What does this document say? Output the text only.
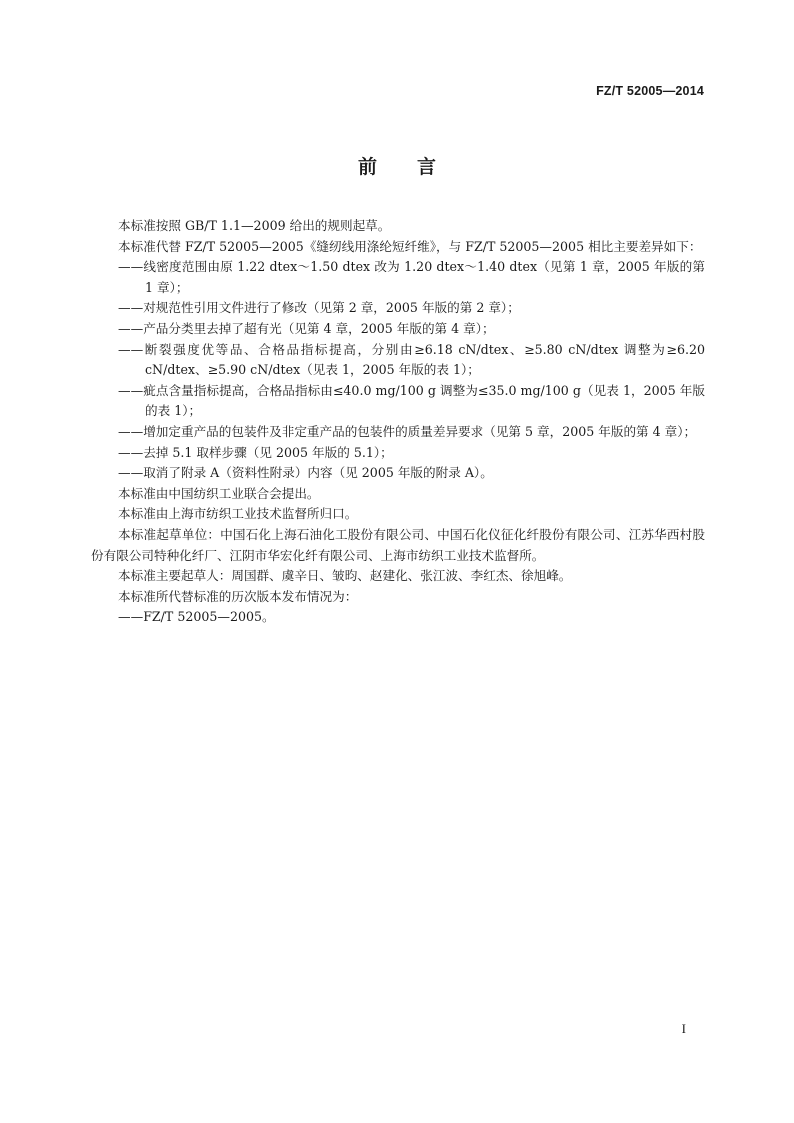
FZ/T 52005—2014
前言

本标准按照 GB/T 1.1—2009 给出的规则起草。

本标准代替 FZ/T 52005—2005《缝纫线用涤纶短纤维》，与 FZ/T 52005—2005 相比主要差异如下：

——线密度范围由原 1.22 dtex～1.50 dtex 改为 1.20 dtex～1.40 dtex（见第 1 章，2005 年版的第 1 章）；

——对规范性引用文件进行了修改（见第 2 章，2005 年版的第 2 章）；

——产品分类里去掉了超有光（见第 4 章，2005 年版的第 4 章）；

——断裂强度优等品、合格品指标提高，分别由≥6.18 cN/dtex、≥5.80 cN/dtex 调整为≥6.20 cN/dtex、≥5.90 cN/dtex（见表 1，2005 年版的表 1）；

——疵点含量指标提高，合格品指标由≤40.0 mg/100 g 调整为≤35.0 mg/100 g（见表 1，2005 年版的表 1）；

——增加定重产品的包装件及非定重产品的包装件的质量差异要求（见第 5 章，2005 年版的第 4 章）；

——去掉 5.1 取样步骤（见 2005 年版的 5.1）；

——取消了附录 A（资料性附录）内容（见 2005 年版的附录 A）。

本标准由中国纺织工业联合会提出。

本标准由上海市纺织工业技术监督所归口。

本标准起草单位：中国石化上海石油化工股份有限公司、中国石化仪征化纤股份有限公司、江苏华西村股份有限公司特种化纤厂、江阴市华宏化纤有限公司、上海市纺织工业技术监督所。

本标准主要起草人：周国群、虞辛日、皱昀、赵建化、张江波、李红杰、徐旭峰。

本标准所代替标准的历次版本发布情况为：

——FZ/T 52005—2005。

I
